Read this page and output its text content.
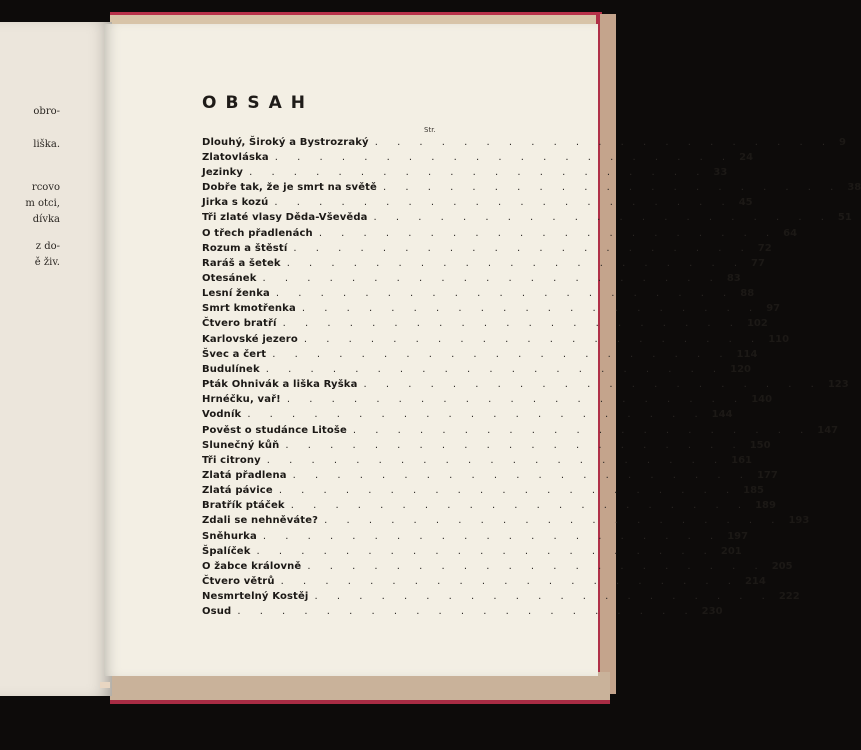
obro-
liška.
rcovo
m otci,
dívka
z do-
ě živ.
OBSAH
Str.
Dlouhý, Široký a Bystrozraký . . . . . . . . . . . . . . . . . . . . . 9
Zlatovláska . . . . . . . . . . . . . . . . . . . . . 24
Jezinky . . . . . . . . . . . . . . . . . . . . . 33
Dobře tak, že je smrt na světě . . . . . . . . . . . . . . . . . . . . . 38
Jirka s kozú . . . . . . . . . . . . . . . . . . . . . 45
Tři zlaté vlasy Děda-Vševěda . . . . . . . . . . . . . . . . . . . . . 51
O třech přadlenách . . . . . . . . . . . . . . . . . . . . . 64
Rozum a štěstí . . . . . . . . . . . . . . . . . . . . . 72
Raráš a šetek . . . . . . . . . . . . . . . . . . . . . 77
Otesánek . . . . . . . . . . . . . . . . . . . . . 83
Lesní ženka . . . . . . . . . . . . . . . . . . . . . 88
Smrt kmotřenka . . . . . . . . . . . . . . . . . . . . . 97
Čtvero bratří . . . . . . . . . . . . . . . . . . . . . 102
Karlovské jezero . . . . . . . . . . . . . . . . . . . . . 110
Švec a čert . . . . . . . . . . . . . . . . . . . . . 114
Budulínek . . . . . . . . . . . . . . . . . . . . . 120
Pták Ohnivák a liška Ryška . . . . . . . . . . . . . . . . . . . . . 123
Hrnéčku, vař! . . . . . . . . . . . . . . . . . . . . . 140
Vodník . . . . . . . . . . . . . . . . . . . . . 144
Pověst o studánce Litoše . . . . . . . . . . . . . . . . . . . . . 147
Slunečný kůň . . . . . . . . . . . . . . . . . . . . . 150
Tři citrony . . . . . . . . . . . . . . . . . . . . . 161
Zlatá přadlena . . . . . . . . . . . . . . . . . . . . . 177
Zlatá pávice . . . . . . . . . . . . . . . . . . . . . 185
Bratřík ptáček . . . . . . . . . . . . . . . . . . . . . 189
Zdali se nehněváte? . . . . . . . . . . . . . . . . . . . . . 193
Sněhurka . . . . . . . . . . . . . . . . . . . . . 197
Špalíček . . . . . . . . . . . . . . . . . . . . . 201
O žabce královně . . . . . . . . . . . . . . . . . . . . . 205
Čtvero větrů . . . . . . . . . . . . . . . . . . . . . 214
Nesmrtelný Kostěj . . . . . . . . . . . . . . . . . . . . . 222
Osud . . . . . . . . . . . . . . . . . . . . . 230
